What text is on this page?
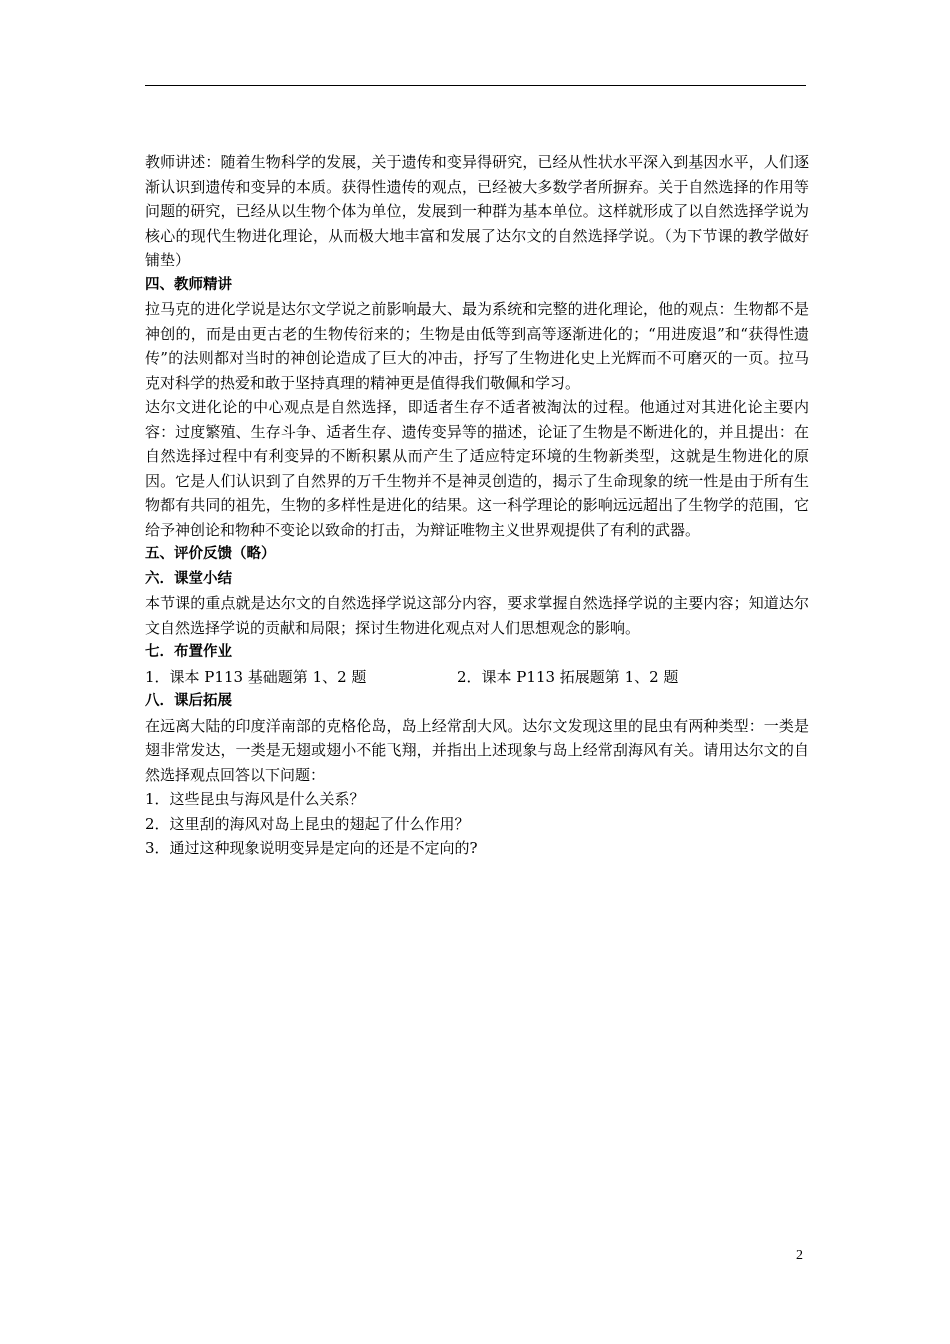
教师讲述：随着生物科学的发展，关于遗传和变异得研究，已经从性状水平深入到基因水平，人们逐渐认识到遗传和变异的本质。获得性遗传的观点，已经被大多数学者所摒弃。关于自然选择的作用等问题的研究，已经从以生物个体为单位，发展到一种群为基本单位。这样就形成了以自然选择学说为核心的现代生物进化理论，从而极大地丰富和发展了达尔文的自然选择学说。（为下节课的教学做好铺垫）

四、教师精讲

拉马克的进化学说是达尔文学说之前影响最大、最为系统和完整的进化理论，他的观点：生物都不是神创的，而是由更古老的生物传衍来的；生物是由低等到高等逐渐进化的；“用进废退”和“获得性遗传”的法则都对当时的神创论造成了巨大的冲击，抒写了生物进化史上光辉而不可磨灭的一页。拉马克对科学的热爱和敢于坚持真理的精神更是值得我们敬佩和学习。

达尔文进化论的中心观点是自然选择，即适者生存不适者被淘汰的过程。他通过对其进化论主要内容：过度繁殖、生存斗争、适者生存、遗传变异等的描述，论证了生物是不断进化的，并且提出：在自然选择过程中有利变异的不断积累从而产生了适应特定环境的生物新类型，这就是生物进化的原因。它是人们认识到了自然界的万千生物并不是神灵创造的，揭示了生命现象的统一性是由于所有生物都有共同的祖先，生物的多样性是进化的结果。这一科学理论的影响远远超出了生物学的范围，它给予神创论和物种不变论以致命的打击，为辩证唯物主义世界观提供了有利的武器。

五、评价反馈（略）

六．课堂小结

本节课的重点就是达尔文的自然选择学说这部分内容，要求掌握自然选择学说的主要内容；知道达尔文自然选择学说的贡献和局限；探讨生物进化观点对人们思想观念的影响。

七．布置作业

1．课本 P113 基础题第 1、2 题	2．课本 P113 拓展题第 1、2 题

八．课后拓展

在远离大陆的印度洋南部的克格伦岛，岛上经常刮大风。达尔文发现这里的昆虫有两种类型：一类是翅非常发达，一类是无翅或翅小不能飞翔，并指出上述现象与岛上经常刮海风有关。请用达尔文的自然选择观点回答以下问题：

1．这些昆虫与海风是什么关系？

2．这里刮的海风对岛上昆虫的翅起了什么作用？

3．通过这种现象说明变异是定向的还是不定向的?

2
